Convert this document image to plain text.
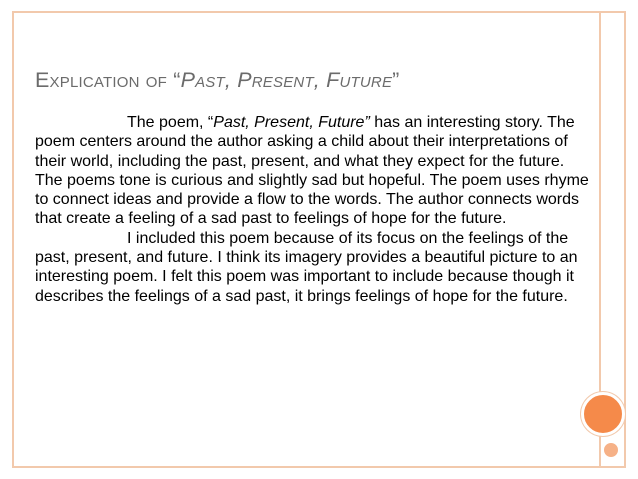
Explication of “Past, Present, Future”

The poem, “Past, Present, Future” has an interesting story. The poem centers around the author asking a child about their interpretations of their world, including the past, present, and what they expect for the future. The poems tone is curious and slightly sad but hopeful. The poem uses rhyme to connect ideas and provide a flow to the words. The author connects words that create a feeling of a sad past to feelings of hope for the future.

I included this poem because of its focus on the feelings of the past, present, and future. I think its imagery provides a beautiful picture to an interesting poem. I felt this poem was important to include because though it describes the feelings of a sad past, it brings feelings of hope for the future.
